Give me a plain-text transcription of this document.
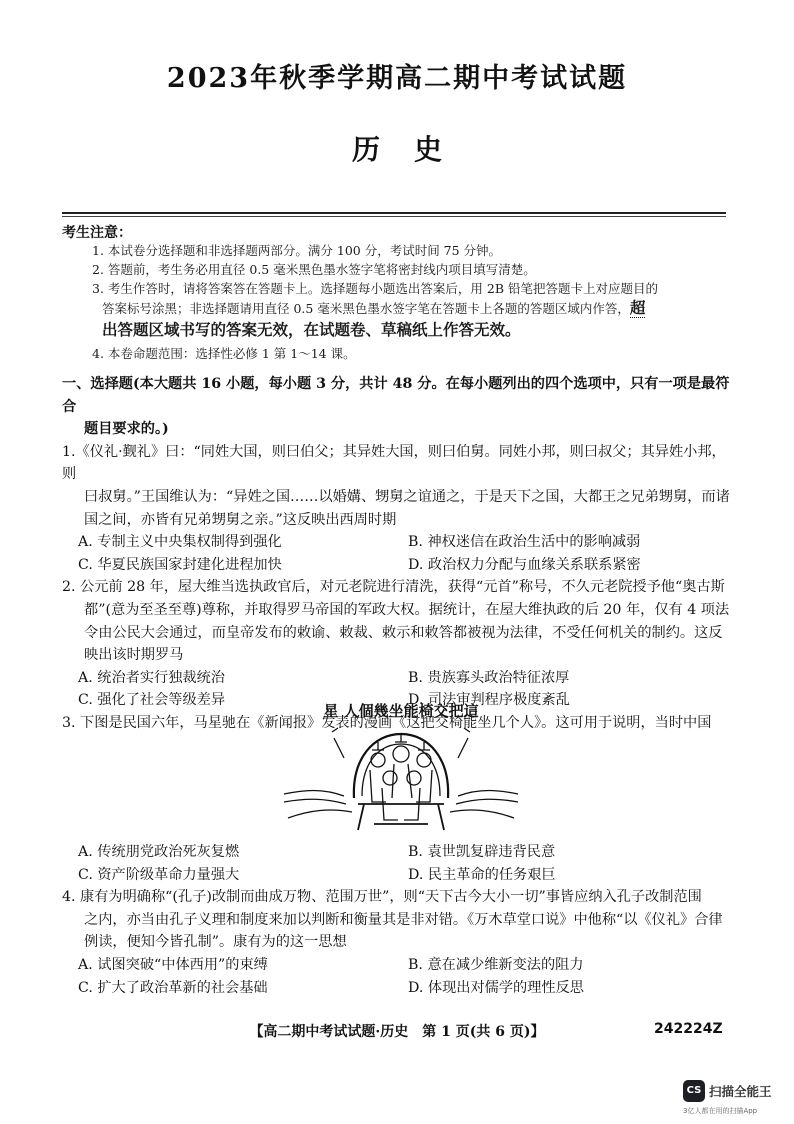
2023年秋季学期高二期中考试试题
历史
考生注意：
1. 本试卷分选择题和非选择题两部分。满分 100 分，考试时间 75 分钟。
2. 答题前，考生务必用直径 0.5 毫米黑色墨水签字笔将密封线内项目填写清楚。
3. 考生作答时，请将答案答在答题卡上。选择题每小题选出答案后，用 2B 铅笔把答题卡上对应题目的
答案标号涂黑；非选择题请用直径 0.5 毫米黑色墨水签字笔在答题卡上各题的答题区域内作答，超
出答题区域书写的答案无效，在试题卷、草稿纸上作答无效。
4. 本卷命题范围：选择性必修 1 第 1～14 课。
一、选择题(本大题共 16 小题，每小题 3 分，共计 48 分。在每小题列出的四个选项中，只有一项是最符合
题目要求的。)
1.《仪礼·觐礼》曰：“同姓大国，则曰伯父；其异姓大国，则曰伯舅。同姓小邦，则曰叔父；其异姓小邦，则
曰叔舅。”王国维认为：“异姓之国……以婚媾、甥舅之谊通之，于是天下之国，大都王之兄弟甥舅，而诸
国之间，亦皆有兄弟甥舅之亲。”这反映出西周时期
A. 专制主义中央集权制得到强化	B. 神权迷信在政治生活中的影响减弱
C. 华夏民族国家封建化进程加快	D. 政治权力分配与血缘关系联系紧密
2. 公元前 28 年，屋大维当选执政官后，对元老院进行清洗，获得“元首”称号，不久元老院授予他“奥古斯
都”(意为至圣至尊)尊称，并取得罗马帝国的军政大权。据统计，在屋大维执政的后 20 年，仅有 4 项法
令由公民大会通过，而皇帝发布的敕谕、敕裁、敕示和敕答都被视为法律，不受任何机关的制约。这反
映出该时期罗马
A. 统治者实行独裁统治	B. 贵族寡头政治特征浓厚
C. 强化了社会等级差异	D. 司法审判程序极度紊乱
3. 下图是民国六年，马星驰在《新闻报》发表的漫画《这把交椅能坐几个人》。这可用于说明，当时中国
星 人個幾坐能椅交把這
A. 传统朋党政治死灰复燃	B. 袁世凯复辟违背民意
C. 资产阶级革命力量强大	D. 民主革命的任务艰巨
4. 康有为明确称“(孔子)改制而曲成万物、范围万世”，则“天下古今大小一切”事皆应纳入孔子改制范围
之内，亦当由孔子义理和制度来加以判断和衡量其是非对错。《万木草堂口说》中他称“以《仪礼》合律
例读，便知今皆孔制”。康有为的这一思想
A. 试图突破“中体西用”的束缚	B. 意在减少维新变法的阻力
C. 扩大了政治革新的社会基础	D. 体现出对儒学的理性反思
【高二期中考试试题·历史　第 1 页(共 6 页)】	242224Z
CS 扫描全能王
3亿人都在用的扫描App
